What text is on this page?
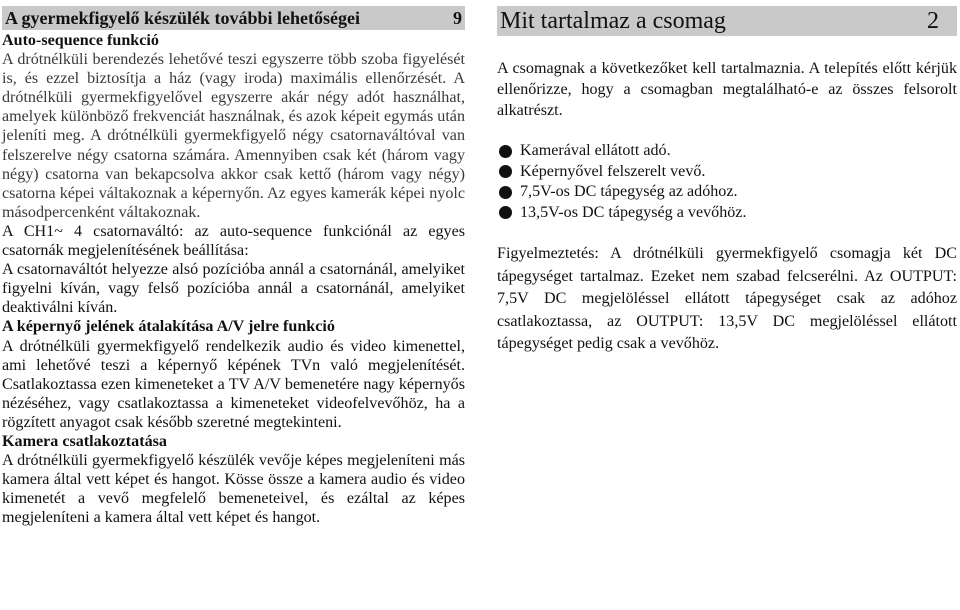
A gyermekfigyelő készülék további lehetőségei	9
Auto-sequence funkció

A drótnélküli berendezés lehetővé teszi egyszerre több szoba figyelését is, és ezzel biztosítja a ház (vagy iroda) maximális ellenőrzését. A drótnélküli gyermekfigyelővel egyszerre akár négy adót használhat, amelyek különböző frekvenciát használnak, és azok képeit egymás után jeleníti meg. A drótnélküli gyermekfigyelő négy csatornaváltóval van felszerelve négy csatorna számára. Amennyiben csak két (három vagy négy) csatorna van bekapcsolva akkor csak kettő (három vagy négy) csatorna képei váltakoznak a képernyőn. Az egyes kamerák képei nyolc másodpercenként váltakoznak.

A CH1~ 4 csatornaváltó: az auto-sequence funkciónál az egyes csatornák megjelenítésének beállítása:

A csatornaváltót helyezze alsó pozícióba annál a csatornánál, amelyiket figyelni kíván, vagy felső pozícióba annál a csatornánál, amelyiket deaktiválni kíván.

A képernyő jelének átalakítása A/V jelre funkció

A drótnélküli gyermekfigyelő rendelkezik audio és video kimenettel, ami lehetővé teszi a képernyő képének TVn való megjelenítését. Csatlakoztassa ezen kimeneteket a TV A/V bemenetére nagy képernyős nézéséhez, vagy csatlakoztassa a kimeneteket videofelvevőhöz, ha a rögzített anyagot csak később szeretné megtekinteni.

Kamera csatlakoztatása

A drótnélküli gyermekfigyelő készülék vevője képes megjeleníteni más kamera által vett képet és hangot. Kösse össze a kamera audio és video kimenetét a vevő megfelelő bemeneteivel, és ezáltal az képes megjeleníteni a kamera által vett képet és hangot.

Mit tartalmaz a csomag	2

A csomagnak a következőket kell tartalmaznia. A telepítés előtt kérjük ellenőrizze, hogy a csomagban megtalálható-e az összes felsorolt alkatrészt.

Kamerával ellátott adó.
Képernyővel felszerelt vevő.
7,5V-os DC tápegység az adóhoz.
13,5V-os DC tápegység a vevőhöz.

Figyelmeztetés: A drótnélküli gyermekfigyelő csomagja két DC tápegységet tartalmaz. Ezeket nem szabad felcserélni. Az OUTPUT: 7,5V DC megjelöléssel ellátott tápegységet csak az adóhoz csatlakoztassa, az OUTPUT: 13,5V DC megjelöléssel ellátott tápegységet pedig csak a vevőhöz.
